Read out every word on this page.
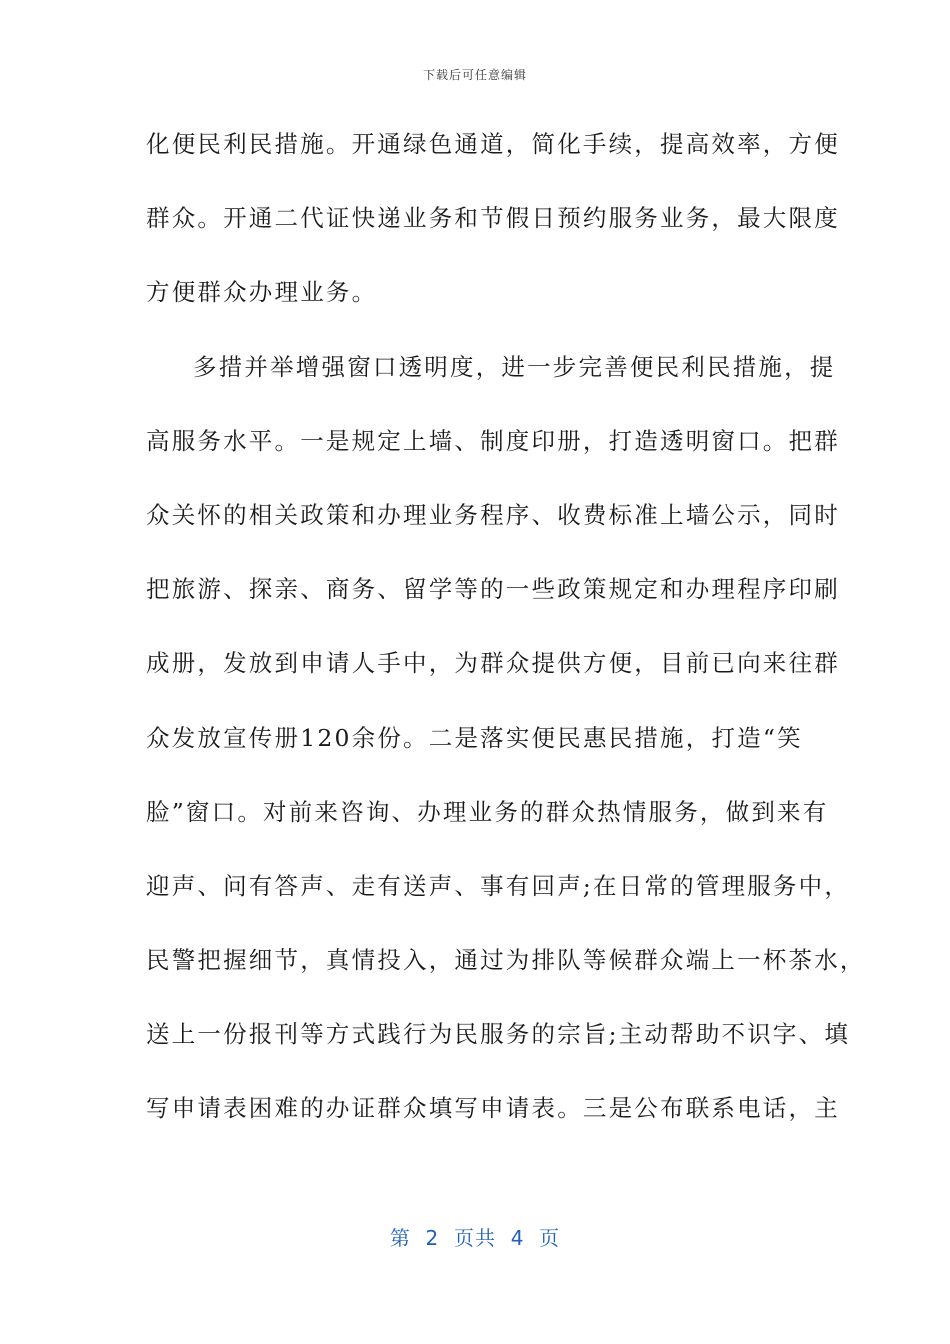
下载后可任意编辑
化便民利民措施。开通绿色通道，简化手续，提高效率，方便
群众。开通二代证快递业务和节假日预约服务业务，最大限度
方便群众办理业务。
多措并举增强窗口透明度，进一步完善便民利民措施，提
高服务水平。一是规定上墙、制度印册，打造透明窗口。把群
众关怀的相关政策和办理业务程序、收费标准上墙公示，同时
把旅游、探亲、商务、留学等的一些政策规定和办理程序印刷
成册，发放到申请人手中，为群众提供方便，目前已向来往群
众发放宣传册120余份。二是落实便民惠民措施，打造“笑
脸”窗口。对前来咨询、办理业务的群众热情服务，做到来有
迎声、问有答声、走有送声、事有回声;在日常的管理服务中，
民警把握细节，真情投入，通过为排队等候群众端上一杯茶水，
送上一份报刊等方式践行为民服务的宗旨;主动帮助不识字、填
写申请表困难的办证群众填写申请表。三是公布联系电话，主
第  2  页共  4  页
